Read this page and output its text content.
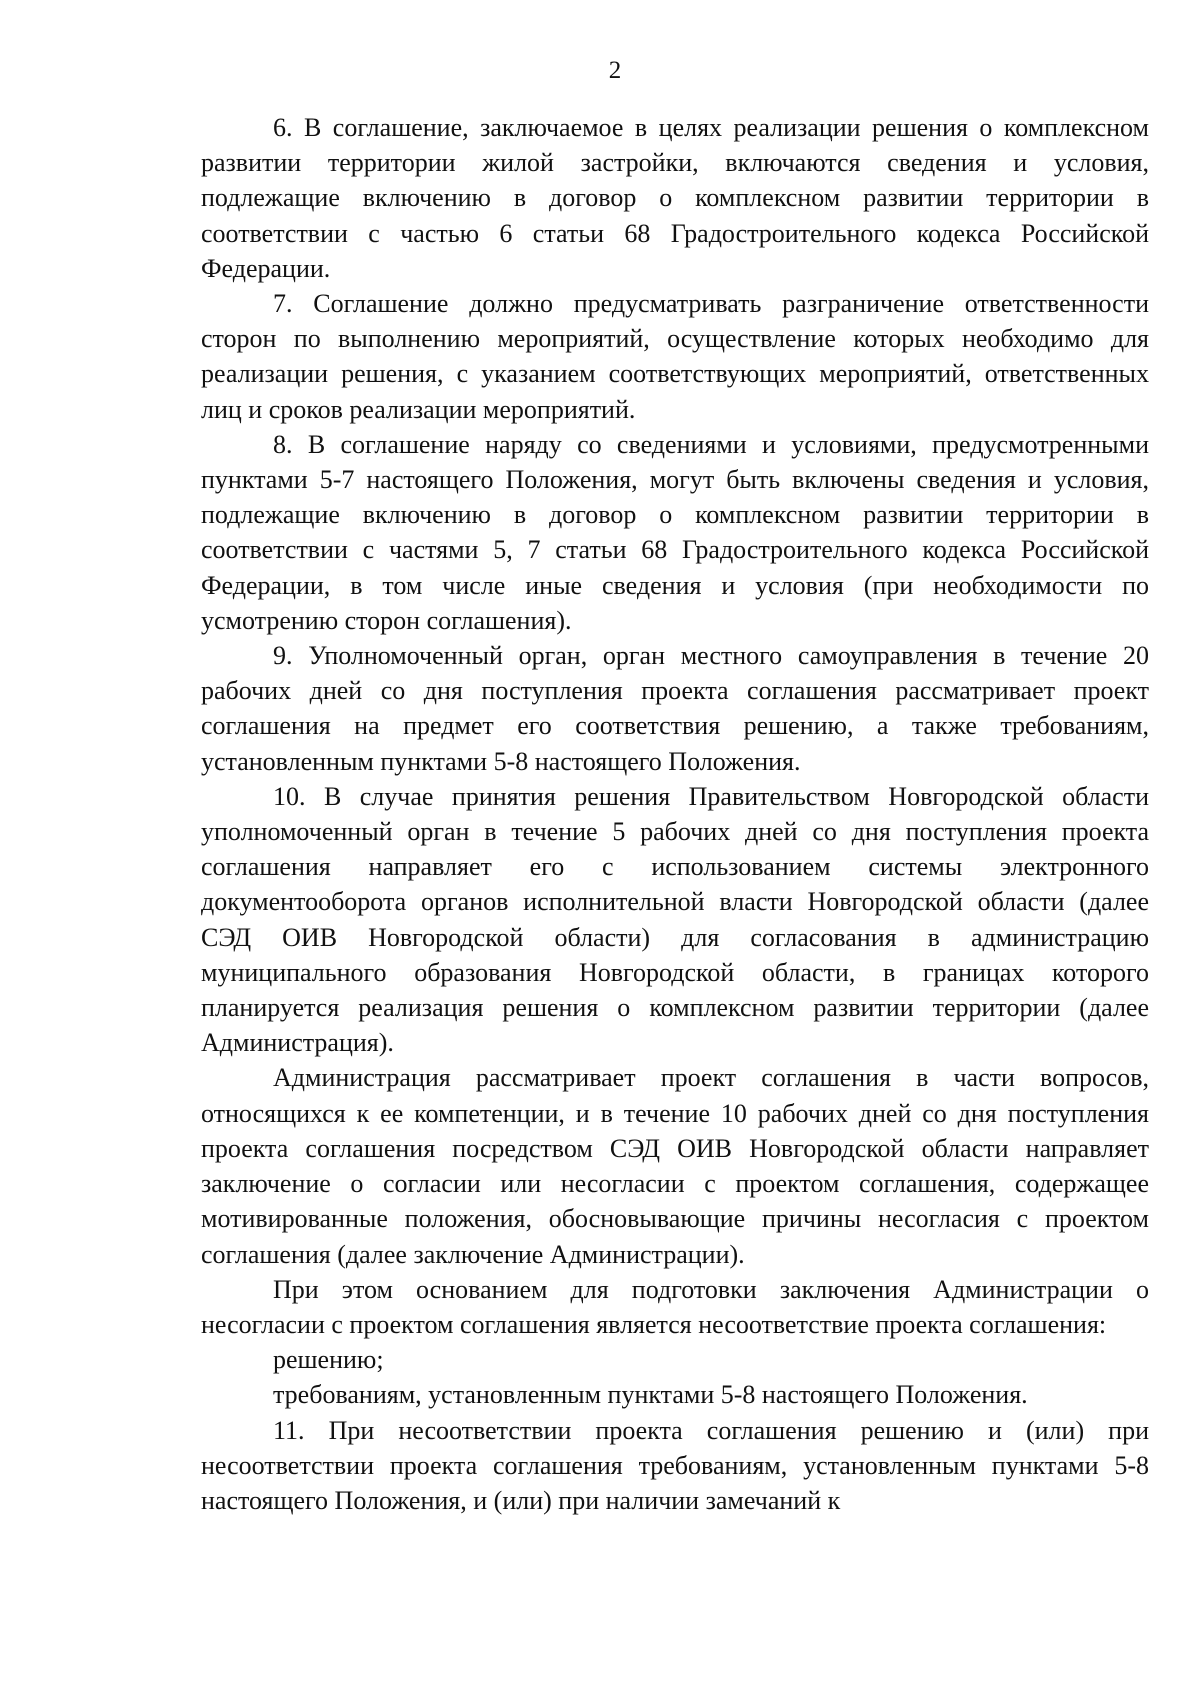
2

6. В соглашение, заключаемое в целях реализации решения о комплексном развитии территории жилой застройки, включаются сведения и условия, подлежащие включению в договор о комплексном развитии территории в соответствии с частью 6 статьи 68 Градостроительного кодекса Российской Федерации.

7. Соглашение должно предусматривать разграничение ответственности сторон по выполнению мероприятий, осуществление которых необходимо для реализации решения, с указанием соответствующих мероприятий, ответственных лиц и сроков реализации мероприятий.

8. В соглашение наряду со сведениями и условиями, предусмотренными пунктами 5-7 настоящего Положения, могут быть включены сведения и условия, подлежащие включению в договор о комплексном развитии территории в соответствии с частями 5, 7 статьи 68 Градостроительного кодекса Российской Федерации, в том числе иные сведения и условия (при необходимости по усмотрению сторон соглашения).

9. Уполномоченный орган, орган местного самоуправления в течение 20 рабочих дней со дня поступления проекта соглашения рассматривает проект соглашения на предмет его соответствия решению, а также требованиям, установленным пунктами 5-8 настоящего Положения.

10. В случае принятия решения Правительством Новгородской области уполномоченный орган в течение 5 рабочих дней со дня поступления проекта соглашения направляет его с использованием системы электронного документооборота органов исполнительной власти Новгородской области (далее СЭД ОИВ Новгородской области) для согласования в администрацию муниципального образования Новгородской области, в границах которого планируется реализация решения о комплексном развитии территории (далее Администрация).

Администрация рассматривает проект соглашения в части вопросов, относящихся к ее компетенции, и в течение 10 рабочих дней со дня поступления проекта соглашения посредством СЭД ОИВ Новгородской области направляет заключение о согласии или несогласии с проектом соглашения, содержащее мотивированные положения, обосновывающие причины несогласия с проектом соглашения (далее заключение Администрации).

При этом основанием для подготовки заключения Администрации о несогласии с проектом соглашения является несоответствие проекта соглашения:

решению;

требованиям, установленным пунктами 5-8 настоящего Положения.

11. При несоответствии проекта соглашения решению и (или) при несоответствии проекта соглашения требованиям, установленным пунктами 5-8 настоящего Положения, и (или) при наличии замечаний к
